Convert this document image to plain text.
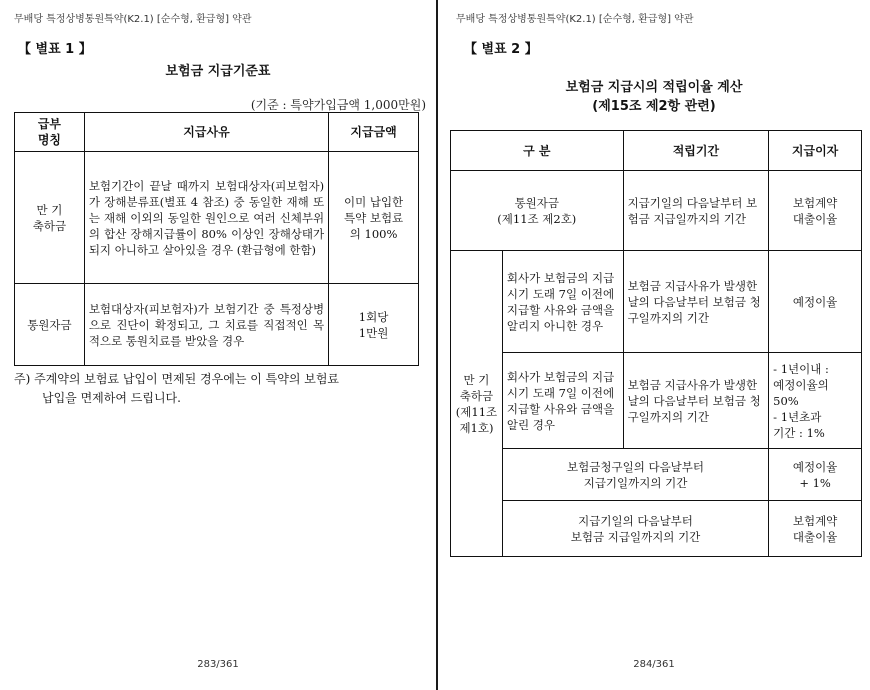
무배당 특정상병통원특약(K2.1) [순수형, 환급형] 약관
【 별표 1 】
보험금 지급기준표
(기준 : 특약가입금액 1,000만원)
급부
명칭	지급사유	지급금액
만 기
축하금	보험기간이 끝날 때까지 보험대상자(피보험자)가 장해분류표(별표 4 참조) 중 동일한 재해 또는 재해 이외의 동일한 원인으로 여러 신체부위의 합산 장해지급률이 80% 이상인 장해상태가 되지 아니하고 살아있을 경우 (환급형에 한함)	이미 납입한
특약 보험료
의 100%
통원자금	보험대상자(피보험자)가 보험기간 중 특정상병으로 진단이 확정되고, 그 치료를 직접적인 목적으로 통원치료를 받았을 경우	1회당
1만원
주) 주계약의 보험료 납입이 면제된 경우에는 이 특약의 보험료
납입을 면제하여 드립니다.
283/361
무배당 특정상병통원특약(K2.1) [순수형, 환급형] 약관
【 별표 2 】
보험금 지급시의 적립이율 계산
(제15조 제2항 관련)
구 분		적립기간	지급이자
통원자금
(제11조 제2호)		지급기일의 다음날부터 보험금 지급일까지의 기간	보험계약
대출이율
만 기
축하금
(제11조
제1호)	회사가 보험금의 지급시기 도래 7일 이전에 지급할 사유와 금액을 알리지 아니한 경우	보험금 지급사유가 발생한 날의 다음날부터 보험금 청구일까지의 기간	예정이율
	회사가 보험금의 지급시기 도래 7일 이전에 지급할 사유와 금액을 알린 경우	보험금 지급사유가 발생한 날의 다음날부터 보험금 청구일까지의 기간	- 1년이내 :
예정이율의
50%
- 1년초과
기간 : 1%
	보험금청구일의 다음날부터
지급기일까지의 기간		예정이율
+ 1%
	지급기일의 다음날부터
보험금 지급일까지의 기간		보험계약
대출이율
284/361
